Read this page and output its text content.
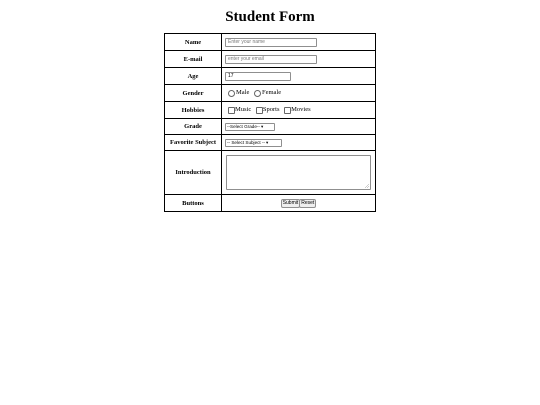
Student Form
Name	Enter your name
E-mail	enter your email
Age	17
Gender	Male Female
Hobbies	Music Sports Movies
Grade	--Select Grade--▾
Favorite Subject	-- Select Subject --▾
Introduction	

Buttons	Submit Reset
